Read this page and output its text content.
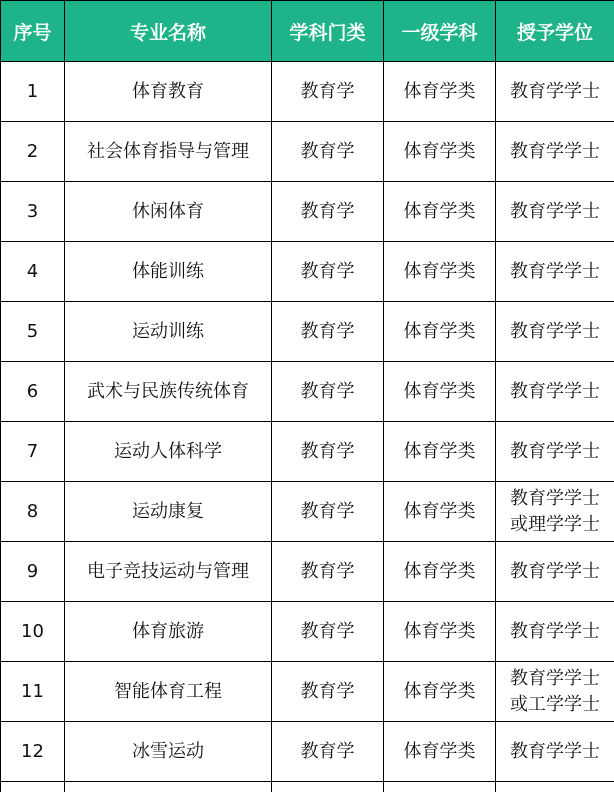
序号	专业名称	学科门类	一级学科	授予学位
1	体育教育	教育学	体育学类	教育学学士

2	社会体育指导与管理	教育学	体育学类	教育学学士

3	休闲体育	教育学	体育学类	教育学学士

4	体能训练	教育学	体育学类	教育学学士

5	运动训练	教育学	体育学类	教育学学士

6	武术与民族传统体育	教育学	体育学类	教育学学士

7	运动人体科学	教育学	体育学类	教育学学士

8	运动康复	教育学	体育学类	教育学学士
或理学学士

9	电子竞技运动与管理	教育学	体育学类	教育学学士

10	体育旅游	教育学	体育学类	教育学学士

11	智能体育工程	教育学	体育学类	教育学学士
或工学学士

12	冰雪运动	教育学	体育学类	教育学学士
